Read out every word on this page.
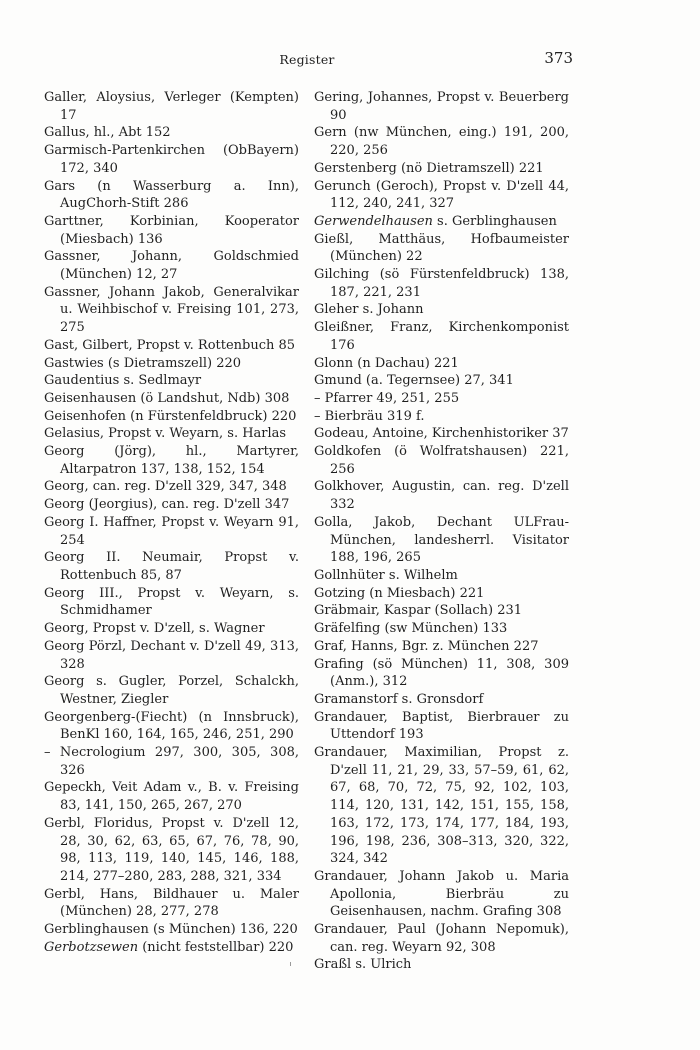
Register	373

Galler, Aloysius, Verleger (Kempten) 17

Gallus, hl., Abt 152

Garmisch-Partenkirchen (ObBayern) 172, 340

Gars (n Wasserburg a. Inn), AugChorh-Stift 286

Garttner, Korbinian, Kooperator (Miesbach) 136

Gassner, Johann, Goldschmied (München) 12, 27

Gassner, Johann Jakob, Generalvikar u. Weihbischof v. Freising 101, 273, 275

Gast, Gilbert, Propst v. Rottenbuch 85

Gastwies (s Dietramszell) 220

Gaudentius s. Sedlmayr

Geisenhausen (ö Landshut, Ndb) 308

Geisenhofen (n Fürstenfeldbruck) 220

Gelasius, Propst v. Weyarn, s. Harlas

Georg (Jörg), hl., Martyrer, Altarpatron 137, 138, 152, 154

Georg, can. reg. D'zell 329, 347, 348

Georg (Jeorgius), can. reg. D'zell 347

Georg I. Haffner, Propst v. Weyarn 91, 254

Georg II. Neumair, Propst v. Rottenbuch 85, 87

Georg III., Propst v. Weyarn, s. Schmidhamer

Georg, Propst v. D'zell, s. Wagner

Georg Pörzl, Dechant v. D'zell 49, 313, 328

Georg s. Gugler, Porzel, Schalckh, Westner, Ziegler

Georgenberg-(Fiecht) (n Innsbruck), BenKl 160, 164, 165, 246, 251, 290

– Necrologium 297, 300, 305, 308, 326

Gepeckh, Veit Adam v., B. v. Freising 83, 141, 150, 265, 267, 270

Gerbl, Floridus, Propst v. D'zell 12, 28, 30, 62, 63, 65, 67, 76, 78, 90, 98, 113, 119, 140, 145, 146, 188, 214, 277–280, 283, 288, 321, 334

Gerbl, Hans, Bildhauer u. Maler (München) 28, 277, 278

Gerblinghausen (s München) 136, 220

Gerbotzsewen (nicht feststellbar) 220

Gering, Johannes, Propst v. Beuerberg 90

Gern (nw München, eing.) 191, 200, 220, 256

Gerstenberg (nö Dietramszell) 221

Gerunch (Geroch), Propst v. D'zell 44, 112, 240, 241, 327

Gerwendelhausen s. Gerblinghausen

Gießl, Matthäus, Hofbaumeister (München) 22

Gilching (sö Fürstenfeldbruck) 138, 187, 221, 231

Gleher s. Johann

Gleißner, Franz, Kirchenkomponist 176

Glonn (n Dachau) 221

Gmund (a. Tegernsee) 27, 341

– Pfarrer 49, 251, 255

– Bierbräu 319 f.

Godeau, Antoine, Kirchenhistoriker 37

Goldkofen (ö Wolfratshausen) 221, 256

Golkhover, Augustin, can. reg. D'zell 332

Golla, Jakob, Dechant ULFrau-München, landesherrl. Visitator 188, 196, 265

Gollnhüter s. Wilhelm

Gotzing (n Miesbach) 221

Gräbmair, Kaspar (Sollach) 231

Gräfelfing (sw München) 133

Graf, Hanns, Bgr. z. München 227

Grafing (sö München) 11, 308, 309 (Anm.), 312

Gramanstorf s. Gronsdorf

Grandauer, Baptist, Bierbrauer zu Uttendorf 193

Grandauer, Maximilian, Propst z. D'zell 11, 21, 29, 33, 57–59, 61, 62, 67, 68, 70, 72, 75, 92, 102, 103, 114, 120, 131, 142, 151, 155, 158, 163, 172, 173, 174, 177, 184, 193, 196, 198, 236, 308–313, 320, 322, 324, 342

Grandauer, Johann Jakob u. Maria Apollonia, Bierbräu zu Geisenhausen, nachm. Grafing 308

Grandauer, Paul (Johann Nepomuk), can. reg. Weyarn 92, 308

Graßl s. Ulrich
